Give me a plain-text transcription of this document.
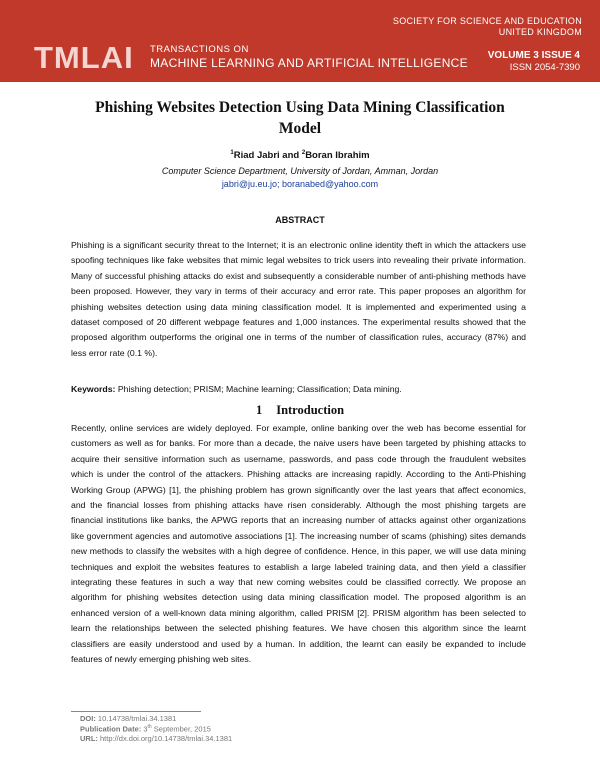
TMLAI TRANSACTIONS ON
MACHINE LEARNING AND ARTIFICIAL INTELLIGENCE
SOCIETY FOR SCIENCE AND EDUCATION
UNITED KINGDOM
VOLUME 3 ISSUE 4
ISSN 2054-7390
Phishing Websites Detection Using Data Mining Classification
Model
$^1$Riad Jabri and $^2$Boran Ibrahim
Computer Science Department, University of Jordan, Amman, Jordan
jabri@ju.eu.jo; boranabed@yahoo.com
ABSTRACT
Phishing is a significant security threat to the Internet; it is an electronic online identity theft in which the attackers use spoofing techniques like fake websites that mimic legal websites to trick users into revealing their private information. Many of successful phishing attacks do exist and subsequently a considerable number of anti-phishing methods have been proposed. However, they vary in terms of their accuracy and error rate. This paper proposes an algorithm for phishing websites detection using data mining classification model. It is implemented and experimented using a dataset composed of 20 different webpage features and 1,000 instances. The experimental results showed that the proposed algorithm outperforms the original one in terms of the number of classification rules, accuracy (87%) and less error rate (0.1 %).
Keywords: Phishing detection; PRISM; Machine learning; Classification; Data mining.
1 Introduction
Recently, online services are widely deployed. For example, online banking over the web has become essential for customers as well as for banks. For more than a decade, the naive users have been targeted by phishing attacks to acquire their sensitive information such as username, passwords, and pass code through the fraudulent websites which is under the control of the attackers. Phishing attacks are increasing rapidly. According to the Anti-Phishing Working Group (APWG) [1], the phishing problem has grown significantly over the last years that affect economics, and the financial losses from phishing attacks have risen considerably. Although the most phishing targets are financial institutions like banks, the APWG reports that an increasing number of attacks against other organizations like government agencies and automotive associations [1]. The increasing number of scams (phishing) sites demands new methods to classify the websites with a high degree of confidence. Hence, in this paper, we will use data mining techniques and exploit the websites features to establish a large labeled training data, and then yield a classifier integrating these features in such a way that new coming websites could be classified correctly. We propose an algorithm for phishing websites detection using data mining classification model. The proposed algorithm is an enhanced version of a well-known data mining algorithm, called PRISM [2]. PRISM algorithm has been selected to learn the relationships between the selected phishing features. We have chosen this algorithm since the learnt classifiers are easily understood and used by a human. In addition, the learnt can easily be expanded to include features of newly emerging phishing web sites.
DOI: 10.14738/tmlai.34.1381
Publication Date: 3th September, 2015
URL: http://dx.doi.org/10.14738/tmlai.34.1381
